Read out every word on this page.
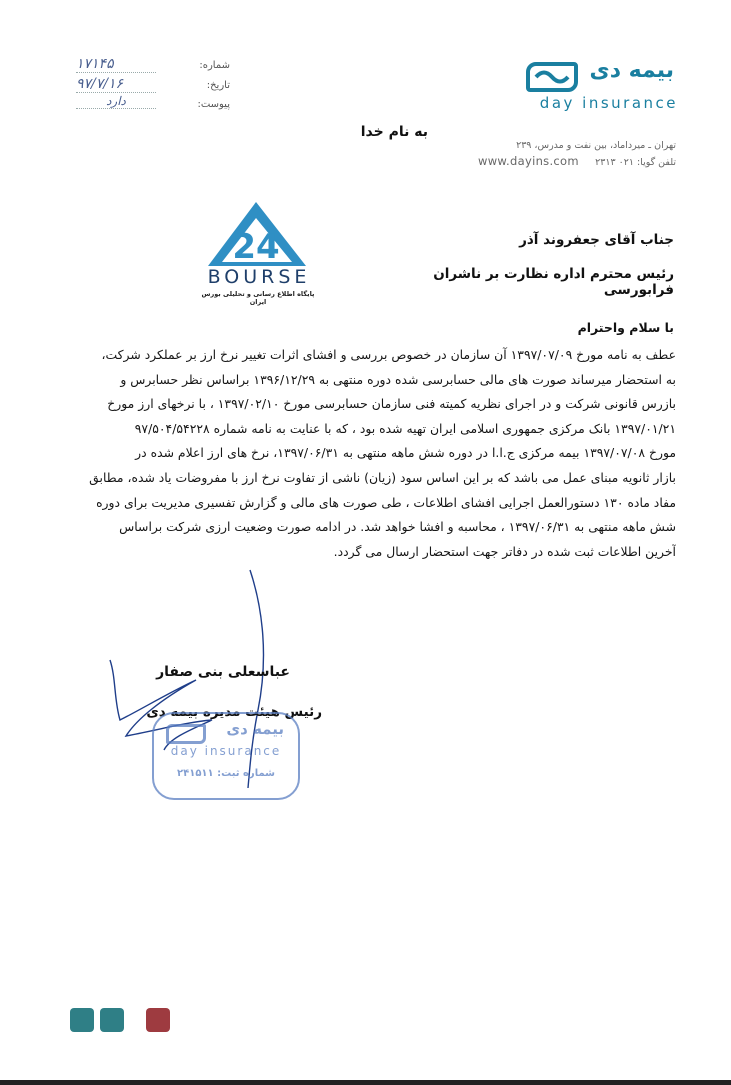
شماره:
تاریخ:
پیوست:
۱۷۱۴۵
۹۷/۷/۱۶
دارد
به نام خدا
بیمه دی
day insurance
تهران ـ میرداماد، بین نفت و مدرس، ۲۳۹
تلفن گویا: ۰۲۱ ۲۳۱۳
www.dayins.com
24
BOURSE
پایگاه اطلاع رسانی و تحلیلی بورس ایران
جناب آقای جعفروند آذر
رئیس محترم اداره نظارت بر ناشران فرابورسی
با سلام واحترام
عطف به نامه مورخ ۱۳۹۷/۰۷/۰۹ آن سازمان در خصوص بررسی و افشای اثرات تغییر نرخ ارز بر عملکرد شرکت،
به استحضار میرساند صورت های مالی حسابرسی شده دوره منتهی به ۱۳۹۶/۱۲/۲۹ براساس نظر حسابرس و
بازرس قانونی شرکت و در اجرای نظریه کمیته فنی سازمان حسابرسی مورخ ۱۳۹۷/۰۲/۱۰ ، با نرخهای ارز مورخ
۱۳۹۷/۰۱/۲۱ بانک مرکزی جمهوری اسلامی ایران تهیه شده بود ، که با عنایت به نامه شماره ۹۷/۵۰۴/۵۴۲۲۸
مورخ ۱۳۹۷/۰۷/۰۸ بیمه مرکزی ج.ا.ا در دوره شش ماهه منتهی به ۱۳۹۷/۰۶/۳۱، نرخ های ارز اعلام شده در
بازار ثانویه مبنای عمل می باشد که بر این اساس سود (زیان) ناشی از تفاوت نرخ ارز با مفروضات یاد شده، مطابق
مفاد ماده ۱۳۰ دستورالعمل اجرایی افشای اطلاعات ، طی صورت های مالی و گزارش تفسیری مدیریت برای دوره
شش ماهه منتهی به ۱۳۹۷/۰۶/۳۱ ، محاسبه و افشا خواهد شد. در ادامه صورت وضعیت ارزی شرکت براساس
آخرین اطلاعات ثبت شده در دفاتر جهت استحضار ارسال می گردد.
عباسعلی بنی صفار
رئیس هیئت مدیره بیمه دی
بیمه دی
day insurance
شماره ثبت: ۲۴۱۵۱۱
